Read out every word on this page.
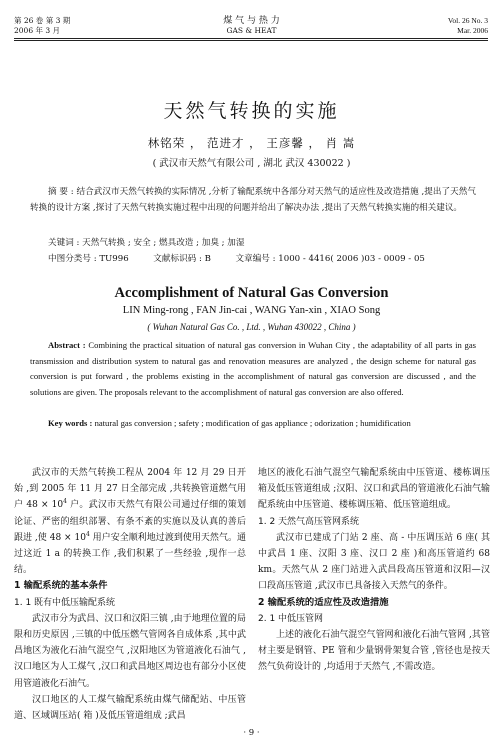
第 26 卷 第 3 期
2006 年 3 月
煤 气 与 热 力
GAS & HEAT
Vol. 26 No. 3
Mar. 2006
天然气转换的实施
林铭荣 ， 范进才 ， 王彦馨 ， 肖 嵩
( 武汉市天然气有限公司 , 湖北 武汉 430022 )
摘 要 : 结合武汉市天然气转换的实际情况 ,分析了输配系统中各部分对天然气的适应性及改造措施 ,提出了天然气转换的设计方案 ,探讨了天然气转换实施过程中出现的问题并给出了解决办法 ,提出了天然气转换实施的相关建议。
关键词 : 天然气转换 ; 安全 ; 燃具改造 ; 加臭 ; 加湿
中图分类号 : TU996         文献标识码 : B         文章编号 : 1000 - 4416( 2006 )03 - 0009 - 05
Accomplishment of Natural Gas Conversion
LIN Ming-rong , FAN Jin-cai , WANG Yan-xin , XIAO Song
( Wuhan Natural Gas Co. , Ltd. , Wuhan 430022 , China )
Abstract : Combining the practical situation of natural gas conversion in Wuhan City , the adaptability of all parts in gas transmission and distribution system to natural gas and renovation measures are analyzed , the design scheme for natural gas conversion is put forward , the problems existing in the accomplishment of natural gas conversion are discussed , and the solutions are given. The proposals relevant to the accomplishment of natural gas conversion are also offered.
Key words : natural gas conversion ; safety ; modification of gas appliance ; odorization ; humidification

武汉市的天然气转换工程从 2004 年 12 月 29 日开始 ,到 2005 年 11 月 27 日全部完成 ,共转换管道燃气用户 $48 \times 10^4$ 户。武汉市天然气有限公司通过仔细的策划论证、严密的组织部署、有条不紊的实施以及认真的善后跟进 ,使 $48 \times 10^4$ 用户安全顺利地过渡到使用天然气。通过这近 1 a 的转换工作 ,我们积累了一些经验 ,现作一总结。

1 输配系统的基本条件

1. 1 既有中低压输配系统

武汉市分为武昌、汉口和汉阳三镇 ,由于地理位置的局限和历史原因 ,三镇的中低压燃气管网各自成体系 ,其中武昌地区为液化石油气混空气 ,汉阳地区为管道液化石油气 ,汉口地区为人工煤气 ,汉口和武昌地区周边也有部分小区使用管道液化石油气。

汉口地区的人工煤气输配系统由煤气储配站、中压管道、区域调压站( 箱 )及低压管道组成 ;武昌

地区的液化石油气混空气输配系统由中压管道、楼栋调压箱及低压管道组成 ;汉阳、汉口和武昌的管道液化石油气输配系统由中压管道、楼栋调压箱、低压管道组成。

1. 2 天然气高压管网系统

武汉市已建成了门站 2 座、高 - 中压调压站 6 座( 其中武昌 1 座、汉阳 3 座、汉口 2 座 )和高压管道约 68 km。天然气从 2 座门站进入武昌段高压管道和汉阳—汉口段高压管道 ,武汉市已具备接入天然气的条件。

2 输配系统的适应性及改造措施

2. 1 中低压管网

上述的液化石油气混空气管网和液化石油气管网 ,其管材主要是钢管、PE 管和少量钢骨架复合管 ,管径也是按天然气负荷设计的 ,均适用于天然气 ,不需改造。

· 9 ·
